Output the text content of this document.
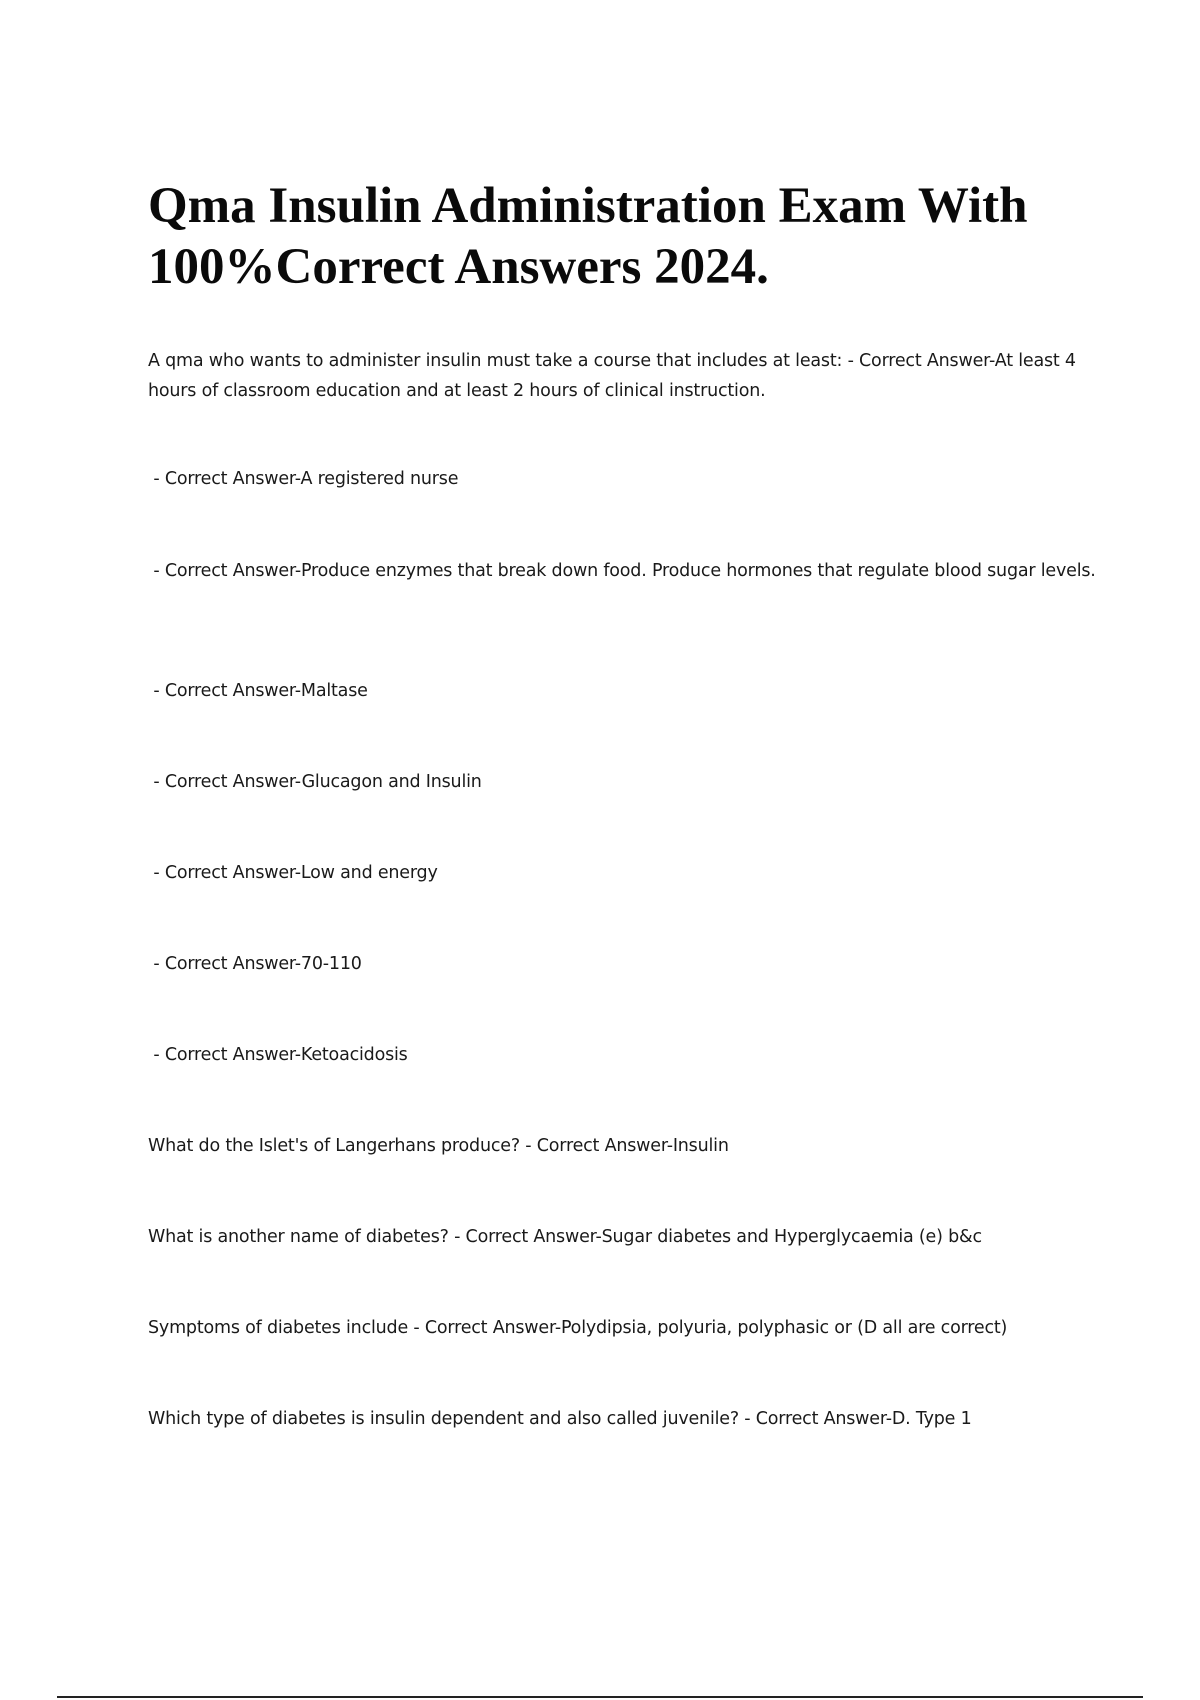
Qma Insulin Administration Exam With 100%Correct Answers 2024.

A qma who wants to administer insulin must take a course that includes at least: - Correct Answer-At least 4 hours of classroom education and at least 2 hours of clinical instruction.

- Correct Answer-A registered nurse

- Correct Answer-Produce enzymes that break down food. Produce hormones that regulate blood sugar levels.

- Correct Answer-Maltase

- Correct Answer-Glucagon and Insulin

- Correct Answer-Low and energy

- Correct Answer-70-110

- Correct Answer-Ketoacidosis

What do the Islet's of Langerhans produce? - Correct Answer-Insulin

What is another name of diabetes? - Correct Answer-Sugar diabetes and Hyperglycaemia (e) b&c

Symptoms of diabetes include - Correct Answer-Polydipsia, polyuria, polyphasic or (D all are correct)

Which type of diabetes is insulin dependent and also called juvenile? - Correct Answer-D. Type 1
